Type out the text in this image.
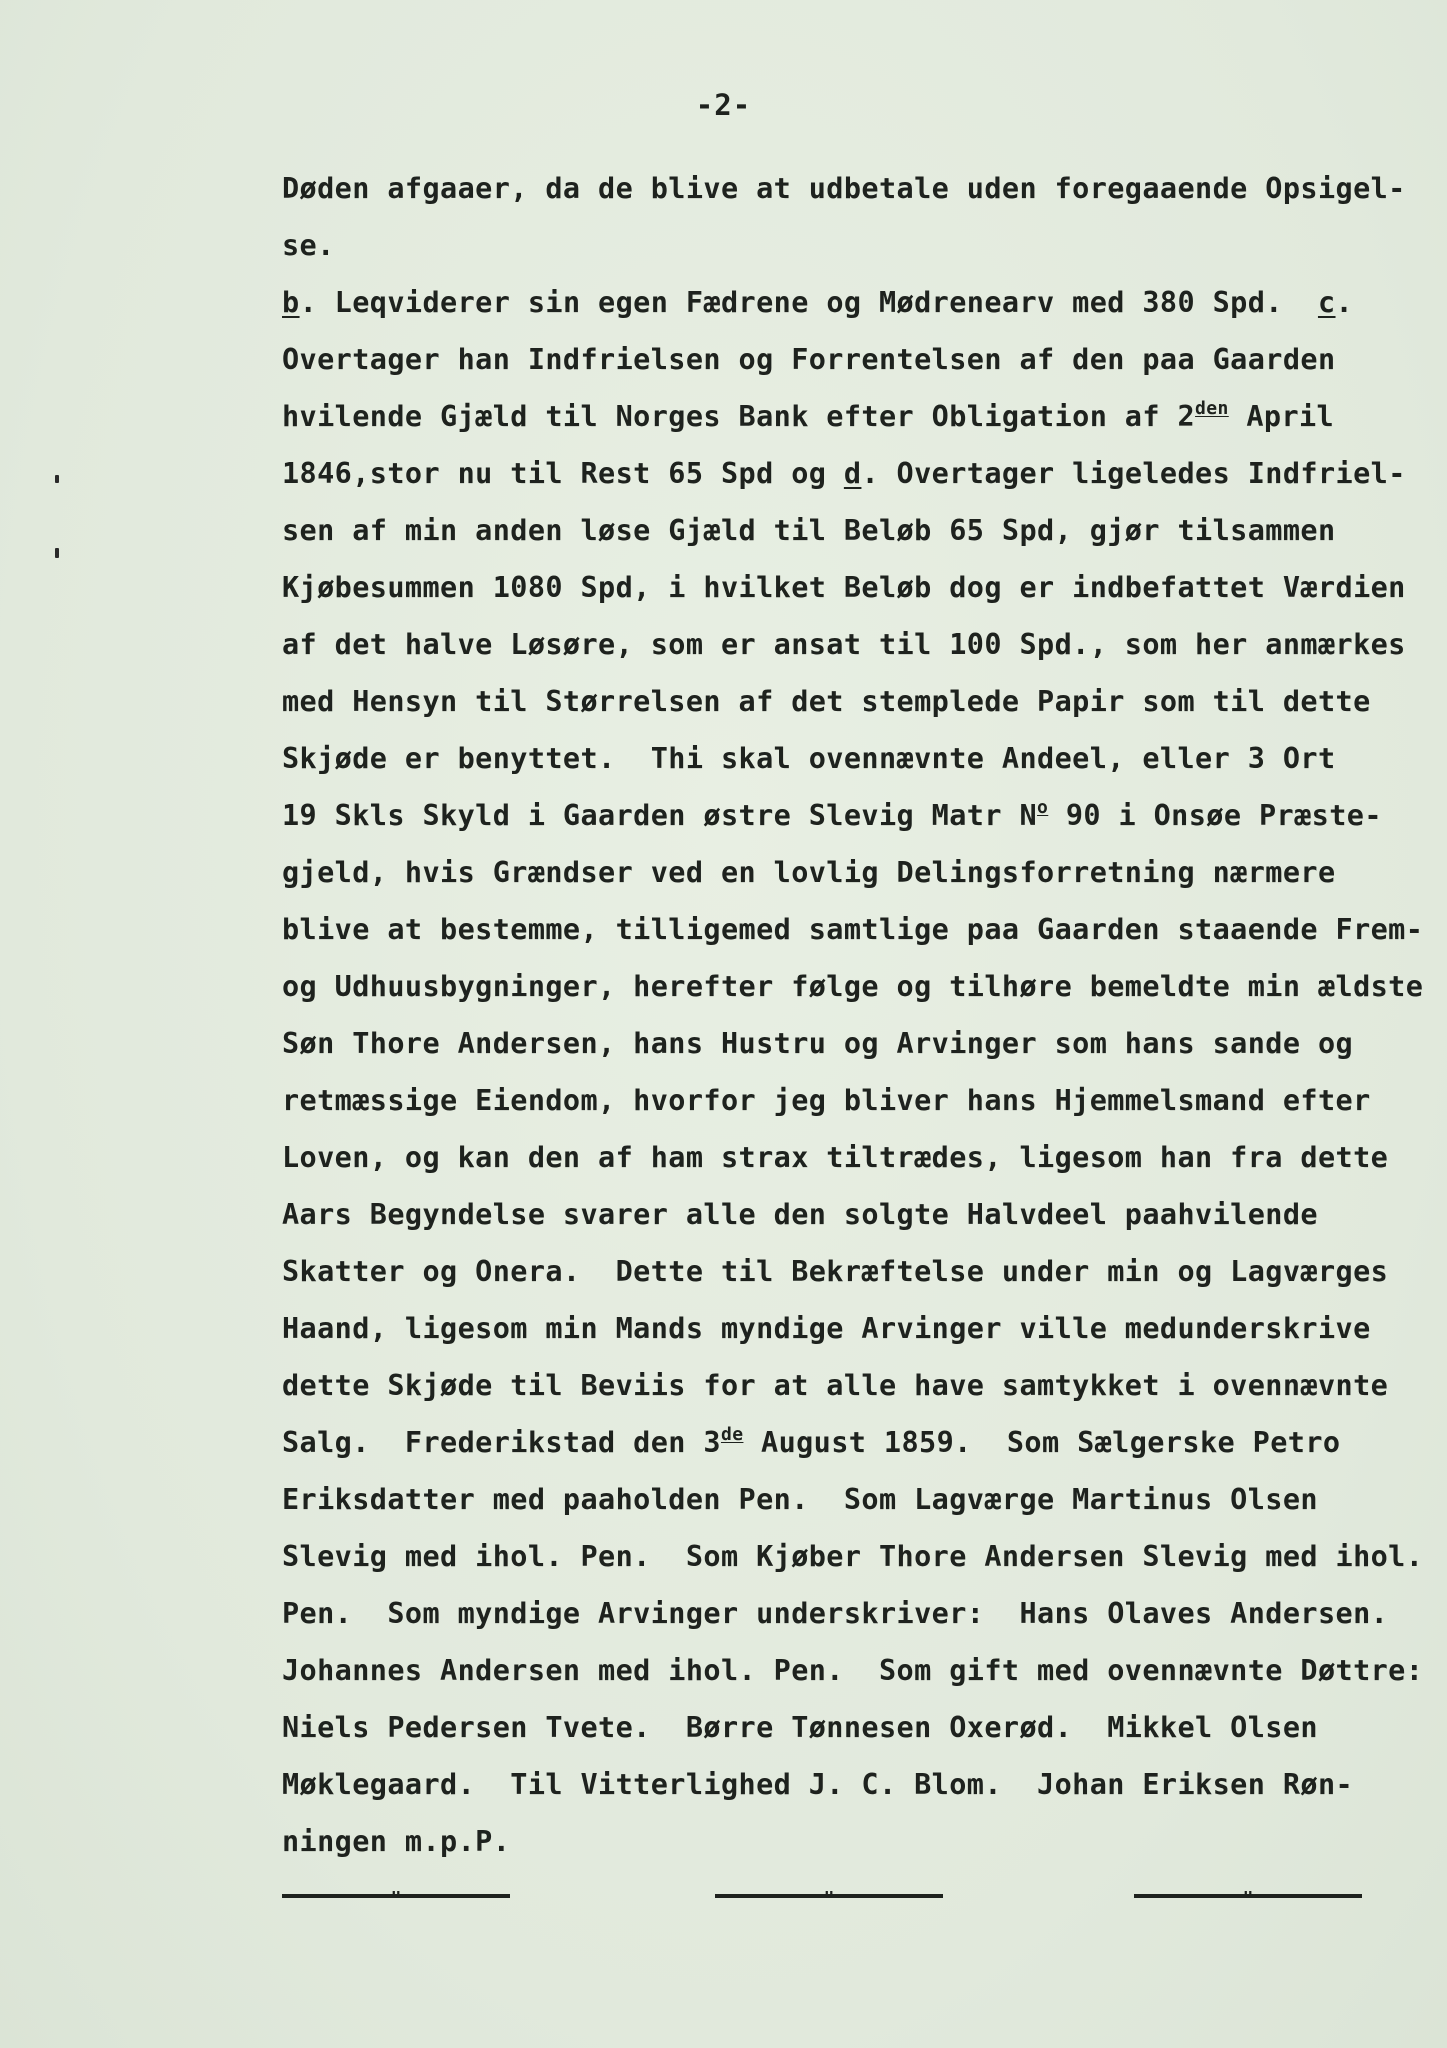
-2-
Døden afgaaer, da de blive at udbetale uden foregaaende Opsigel-
se.
b. Leqviderer sin egen Fædrene og Mødrenearv med 380 Spd.  c.
Overtager han Indfrielsen og Forrentelsen af den paa Gaarden
hvilende Gjæld til Norges Bank efter Obligation af $2^{den}$ April
1846,stor nu til Rest 65 Spd og d. Overtager ligeledes Indfriel-
sen af min anden løse Gjæld til Beløb 65 Spd, gjør tilsammen
Kjøbesummen 1080 Spd, i hvilket Beløb dog er indbefattet Værdien
af det halve Løsøre, som er ansat til 100 Spd., som her anmærkes
med Hensyn til Størrelsen af det stemplede Papir som til dette
Skjøde er benyttet.  Thi skal ovennævnte Andeel, eller 3 Ort
19 Skls Skyld i Gaarden østre Slevig Matr $N^o$ 90 i Onsøe Præste-
gjeld, hvis Grændser ved en lovlig Delingsforretning nærmere
blive at bestemme, tilligemed samtlige paa Gaarden staaende Frem-
og Udhuusbygninger, herefter følge og tilhøre bemeldte min ældste
Søn Thore Andersen, hans Hustru og Arvinger som hans sande og
retmæssige Eiendom, hvorfor jeg bliver hans Hjemmelsmand efter
Loven, og kan den af ham strax tiltrædes, ligesom han fra dette
Aars Begyndelse svarer alle den solgte Halvdeel paahvilende
Skatter og Onera.  Dette til Bekræftelse under min og Lagværges
Haand, ligesom min Mands myndige Arvinger ville medunderskrive
dette Skjøde til Beviis for at alle have samtykket i ovennævnte
Salg.  Frederikstad den 3de August 1859.  Som Sælgerske Petro
Eriksdatter med paaholden Pen.  Som Lagværge Martinus Olsen
Slevig med ihol. Pen.  Som Kjøber Thore Andersen Slevig med ihol.
Pen.  Som myndige Arvinger underskriver:  Hans Olaves Andersen.
Johannes Andersen med ihol. Pen.  Som gift med ovennævnte Døttre:
Niels Pedersen Tvete.  Børre Tønnesen Oxerød.  Mikkel Olsen
Møklegaard.  Til Vitterlighed J. C. Blom.  Johan Eriksen Røn-
ningen m.p.P.
"	"	"
